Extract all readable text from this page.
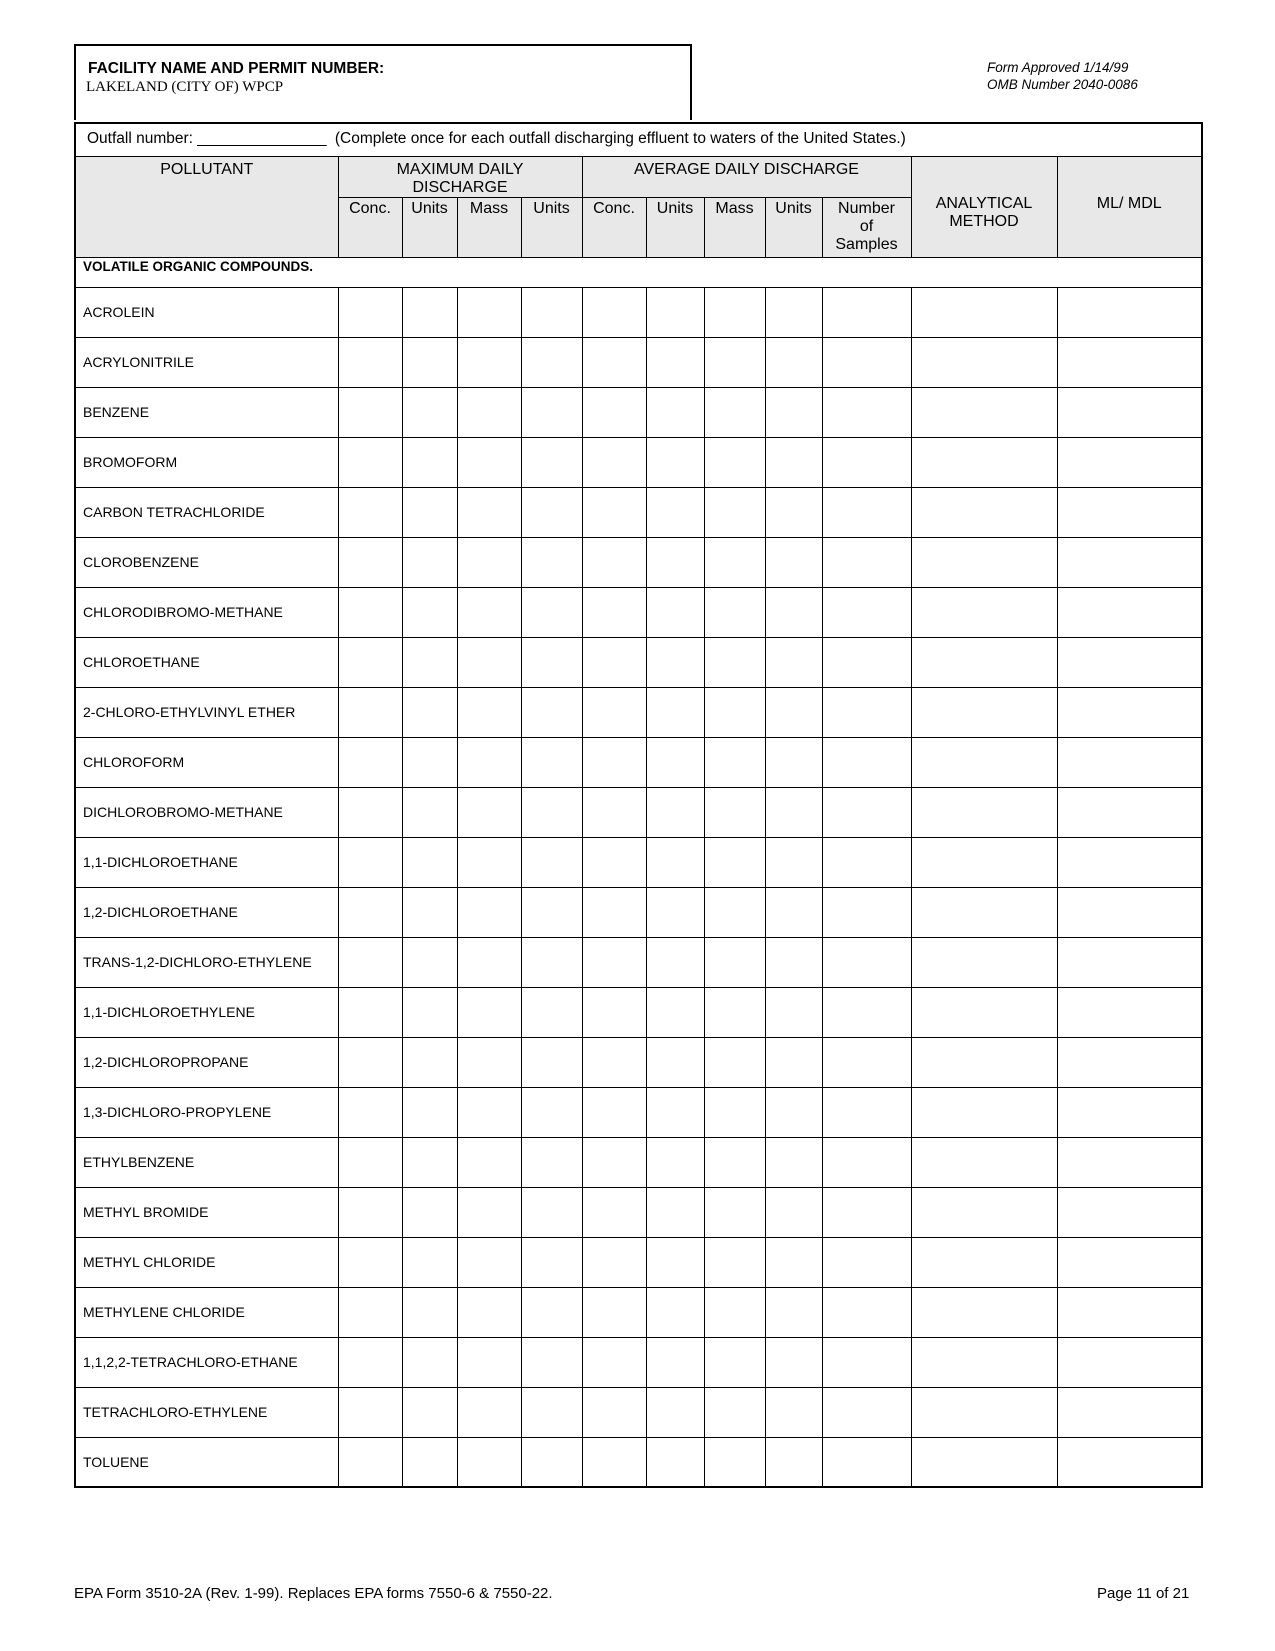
FACILITY NAME AND PERMIT NUMBER:
LAKELAND (CITY OF) WPCP
Form Approved 1/14/99
OMB Number 2040-0086
Outfall number: _______________ (Complete once for each outfall discharging effluent to waters of the United States.)											
POLLUTANT	MAXIMUM DAILY DISCHARGE				AVERAGE DAILY DISCHARGE					ANALYTICAL METHOD	ML/ MDL
	Conc.	Units	Mass	Units	Conc.	Units	Mass	Units	Number of Samples		
VOLATILE ORGANIC COMPOUNDS.											
ACROLEIN											
ACRYLONITRILE											
BENZENE											
BROMOFORM											
CARBON TETRACHLORIDE											
CLOROBENZENE											
CHLORODIBROMO-METHANE											
CHLOROETHANE											
2-CHLORO-ETHYLVINYL ETHER											
CHLOROFORM											
DICHLOROBROMO-METHANE											
1,1-DICHLOROETHANE											
1,2-DICHLOROETHANE											
TRANS-1,2-DICHLORO-ETHYLENE											
1,1-DICHLOROETHYLENE											
1,2-DICHLOROPROPANE											
1,3-DICHLORO-PROPYLENE											
ETHYLBENZENE											
METHYL BROMIDE											
METHYL CHLORIDE											
METHYLENE CHLORIDE											
1,1,2,2-TETRACHLORO-ETHANE											
TETRACHLORO-ETHYLENE											
TOLUENE											
EPA Form 3510-2A (Rev. 1-99). Replaces EPA forms 7550-6 & 7550-22.	Page 11 of 21
